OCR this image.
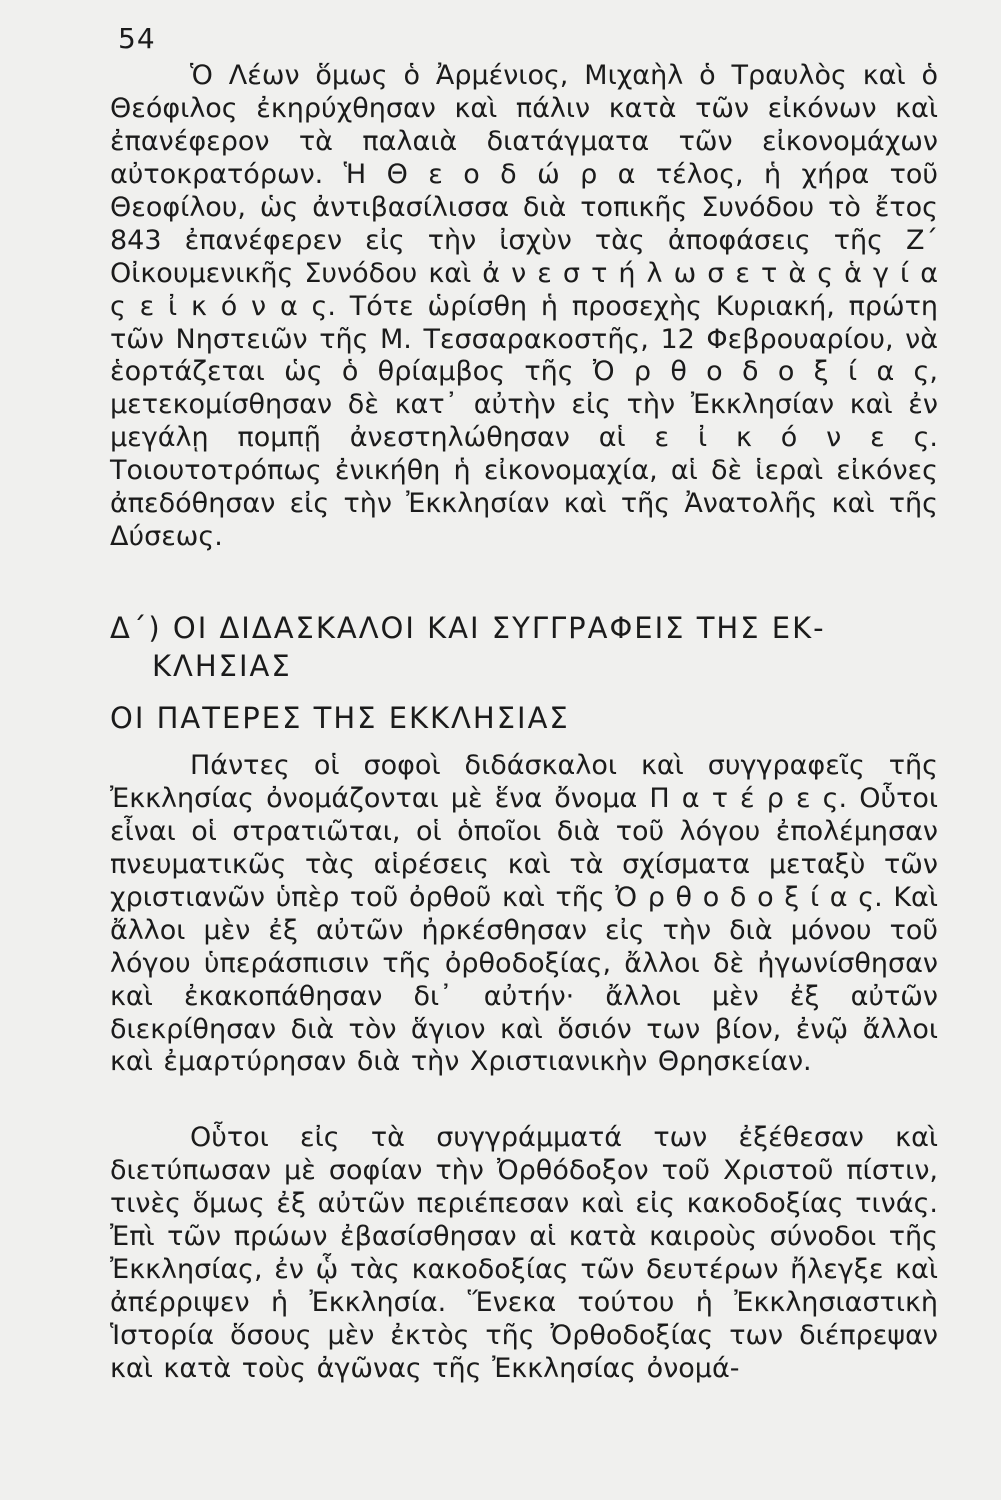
54

Ὁ Λέων ὅμως ὁ Ἀρμένιος, Μιχαὴλ ὁ Τραυλὸς καὶ ὁ Θεόφιλος ἐκηρύχθησαν καὶ πάλιν κατὰ τῶν εἰκόνων καὶ ἐπανέφερον τὰ παλαιὰ διατάγματα τῶν εἰκονομάχων αὐτοκρατόρων. Ἡ Θ ε ο δ ώ ρ α τέλος, ἡ χήρα τοῦ Θεοφίλου, ὡς ἀντιβασίλισσα διὰ τοπικῆς Συνόδου τὸ ἔτος 843 ἐπανέφερεν εἰς τὴν ἰσχὺν τὰς ἀποφάσεις τῆς Ζ΄ Οἰκουμενικῆς Συνόδου καὶ ἀ ν ε σ τ ή λ ω σ ε τ ὰ ς ἁ γ ί α ς ε ἰ κ ό ν α ς. Τότε ὡρίσθη ἡ προσεχὴς Κυριακή, πρώτη τῶν Νηστειῶν τῆς Μ. Τεσσαρακοστῆς, 12 Φεβρουαρίου, νὰ ἑορτάζεται ὡς ὁ θρίαμβος τῆς Ὀ ρ θ ο δ ο ξ ί α ς, μετεκομίσθησαν δὲ κατ᾿ αὐτὴν εἰς τὴν Ἐκκλησίαν καὶ ἐν μεγάλῃ πομπῇ ἀνεστηλώθησαν αἱ ε ἰ κ ό ν ε ς. Τοιουτοτρόπως ἐνικήθη ἡ εἰκονομαχία, αἱ δὲ ἱεραὶ εἰκόνες ἀπεδόθησαν εἰς τὴν Ἐκκλησίαν καὶ τῆς Ἀνατολῆς καὶ τῆς Δύσεως.

Δ΄) ΟΙ ΔΙΔΑΣΚΑΛΟΙ ΚΑΙ ΣΥΓΓΡΑΦΕΙΣ ΤΗΣ ΕΚ-
ΚΛΗΣΙΑΣ
ΟΙ ΠΑΤΕΡΕΣ ΤΗΣ ΕΚΚΛΗΣΙΑΣ

Πάντες οἱ σοφοὶ διδάσκαλοι καὶ συγγραφεῖς τῆς Ἐκκλησίας ὀνομάζονται μὲ ἕνα ὄνομα Π α τ έ ρ ε ς. Οὗτοι εἶναι οἱ στρατιῶται, οἱ ὁποῖοι διὰ τοῦ λόγου ἐπολέμησαν πνευματικῶς τὰς αἱρέσεις καὶ τὰ σχίσματα μεταξὺ τῶν χριστιανῶν ὑπὲρ τοῦ ὀρθοῦ καὶ τῆς Ὀ ρ θ ο δ ο ξ ί α ς. Καὶ ἄλλοι μὲν ἐξ αὐτῶν ἠρκέσθησαν εἰς τὴν διὰ μόνου τοῦ λόγου ὑπεράσπισιν τῆς ὀρθοδοξίας, ἄλλοι δὲ ἠγωνίσθησαν καὶ ἐκακοπάθησαν δι᾿ αὐτήν· ἄλλοι μὲν ἐξ αὐτῶν διεκρίθησαν διὰ τὸν ἅγιον καὶ ὅσιόν των βίον, ἐνῷ ἄλλοι καὶ ἐμαρτύρησαν διὰ τὴν Χριστιανικὴν Θρησκείαν.

Οὗτοι εἰς τὰ συγγράμματά των ἐξέθεσαν καὶ διετύπωσαν μὲ σοφίαν τὴν Ὀρθόδοξον τοῦ Χριστοῦ πίστιν, τινὲς ὅμως ἐξ αὐτῶν περιέπεσαν καὶ εἰς κακοδοξίας τινάς. Ἐπὶ τῶν πρώων ἐβασίσθησαν αἱ κατὰ καιροὺς σύνοδοι τῆς Ἐκκλησίας, ἐν ᾧ τὰς κακοδοξίας τῶν δευτέρων ἤλεγξε καὶ ἀπέρριψεν ἡ Ἐκκλησία. Ἕνεκα τούτου ἡ Ἐκκλησιαστικὴ Ἱστορία ὅσους μὲν ἐκτὸς τῆς Ὀρθοδοξίας των διέπρεψαν καὶ κατὰ τοὺς ἀγῶνας τῆς Ἐκκλησίας ὀνομά-
